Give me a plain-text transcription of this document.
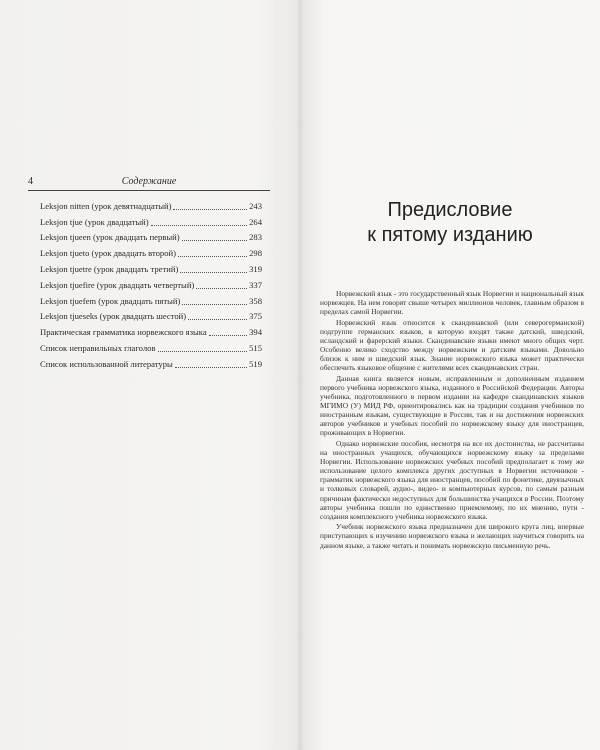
4	Содержание
Leksjon nitten (урок девятнадцатый)	243
Leksjon tjue (урок двадцатый)	264
Leksjon tjueen (урок двадцать первый)	283
Leksjon tjueto (урок двадцать второй)	298
Leksjon tjuetre (урок двадцать третий)	319
Leksjon tjuefire (урок двадцать четвертый)	337
Leksjon tjuefem (урок двадцать пятый)	358
Leksjon tjueseks (урок двадцать шестой)	375
Практическая грамматика норвежского языка	394
Список неправильных глаголов	515
Список использованной литературы	519
Предисловие
к пятому изданию

Норвежский язык - это государственный язык Норвегии и национальный язык норвежцев. На нем говорят свыше четырех миллионов человек, главным образом в пределах самой Норвегии.

Норвежский язык относится к скандинавской (или северогерманской) подгруппе германских языков, в которую входят также датский, шведский, исландский и фарерский языки. Скандинавские языки имеют много общих черт. Особенно велико сходство между норвежским и датским языками. Довольно близок к ним и шведский язык. Знание норвежского языка может практически обеспечить языковое общение с жителями всех скандинавских стран.

Данная книга является новым, исправленным и дополненным изданием первого учебника норвежского языка, изданного в Российской Федерации. Авторы учебника, подготовленного в первом издании на кафедре скандинавских языков МГИМО (У) МИД РФ, ориентировались как на традиции создания учебников по иностранным языкам, существующие в России, так и на достижения норвежских авторов учебников и учебных пособий по норвежскому языку для иностранцев, проживающих в Норвегии.

Однако норвежские пособия, несмотря на все их достоинства, не рассчитаны на иностранных учащихся, обучающихся норвежскому языку за пределами Норвегии. Использование норвежских учебных пособий предполагает к тому же использование целого комплекса других доступных в Норвегии источников - грамматик норвежского языка для иностранцев, пособий по фонетике, двуязычных и толковых словарей, аудио-, видео- и компьютерных курсов, по самым разным причинам фактически недоступных для большинства учащихся в России. Поэтому авторы учебника пошли по единственно приемлемому, по их мнению, пути - создания комплексного учебника норвежского языка.

Учебник норвежского языка предназначен для широкого круга лиц, впервые приступающих к изучению норвежского языка и желающих научиться говорить на данном языке, а также читать и понимать норвежскую письменную речь.
